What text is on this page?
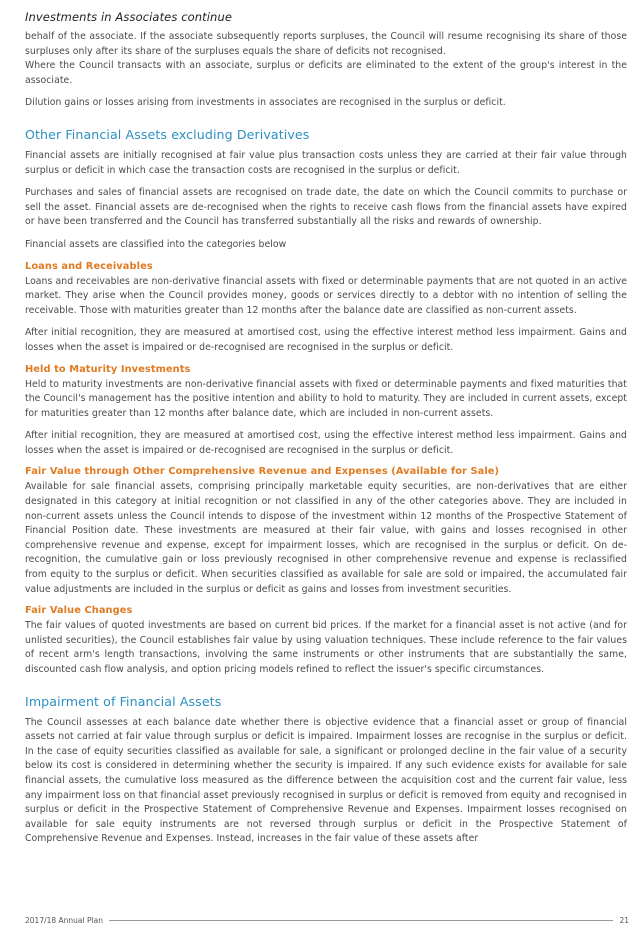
Investments in Associates continue

behalf of the associate. If the associate subsequently reports surpluses, the Council will resume recognising its share of those surpluses only after its share of the surpluses equals the share of deficits not recognised.

Where the Council transacts with an associate, surplus or deficits are eliminated to the extent of the group's interest in the associate.

Dilution gains or losses arising from investments in associates are recognised in the surplus or deficit.

Other Financial Assets excluding Derivatives

Financial assets are initially recognised at fair value plus transaction costs unless they are carried at their fair value through surplus or deficit in which case the transaction costs are recognised in the surplus or deficit.

Purchases and sales of financial assets are recognised on trade date, the date on which the Council commits to purchase or sell the asset. Financial assets are de-recognised when the rights to receive cash flows from the financial assets have expired or have been transferred and the Council has transferred substantially all the risks and rewards of ownership.

Financial assets are classified into the categories below

Loans and Receivables

Loans and receivables are non-derivative financial assets with fixed or determinable payments that are not quoted in an active market. They arise when the Council provides money, goods or services directly to a debtor with no intention of selling the receivable. Those with maturities greater than 12 months after the balance date are classified as non-current assets.

After initial recognition, they are measured at amortised cost, using the effective interest method less impairment. Gains and losses when the asset is impaired or de-recognised are recognised in the surplus or deficit.

Held to Maturity Investments

Held to maturity investments are non-derivative financial assets with fixed or determinable payments and fixed maturities that the Council's management has the positive intention and ability to hold to maturity. They are included in current assets, except for maturities greater than 12 months after balance date, which are included in non-current assets.

After initial recognition, they are measured at amortised cost, using the effective interest method less impairment. Gains and losses when the asset is impaired or de-recognised are recognised in the surplus or deficit.

Fair Value through Other Comprehensive Revenue and Expenses (Available for Sale)

Available for sale financial assets, comprising principally marketable equity securities, are non-derivatives that are either designated in this category at initial recognition or not classified in any of the other categories above. They are included in non-current assets unless the Council intends to dispose of the investment within 12 months of the Prospective Statement of Financial Position date. These investments are measured at their fair value, with gains and losses recognised in other comprehensive revenue and expense, except for impairment losses, which are recognised in the surplus or deficit. On de-recognition, the cumulative gain or loss previously recognised in other comprehensive revenue and expense is reclassified from equity to the surplus or deficit. When securities classified as available for sale are sold or impaired, the accumulated fair value adjustments are included in the surplus or deficit as gains and losses from investment securities.

Fair Value Changes

The fair values of quoted investments are based on current bid prices. If the market for a financial asset is not active (and for unlisted securities), the Council establishes fair value by using valuation techniques. These include reference to the fair values of recent arm's length transactions, involving the same instruments or other instruments that are substantially the same, discounted cash flow analysis, and option pricing models refined to reflect the issuer's specific circumstances.

Impairment of Financial Assets

The Council assesses at each balance date whether there is objective evidence that a financial asset or group of financial assets not carried at fair value through surplus or deficit is impaired. Impairment losses are recognise in the surplus or deficit. In the case of equity securities classified as available for sale, a significant or prolonged decline in the fair value of a security below its cost is considered in determining whether the security is impaired. If any such evidence exists for available for sale financial assets, the cumulative loss measured as the difference between the acquisition cost and the current fair value, less any impairment loss on that financial asset previously recognised in surplus or deficit is removed from equity and recognised in surplus or deficit in the Prospective Statement of Comprehensive Revenue and Expenses. Impairment losses recognised on available for sale equity instruments are not reversed through surplus or deficit in the Prospective Statement of Comprehensive Revenue and Expenses. Instead, increases in the fair value of these assets after

2017/18 Annual Plan	21
